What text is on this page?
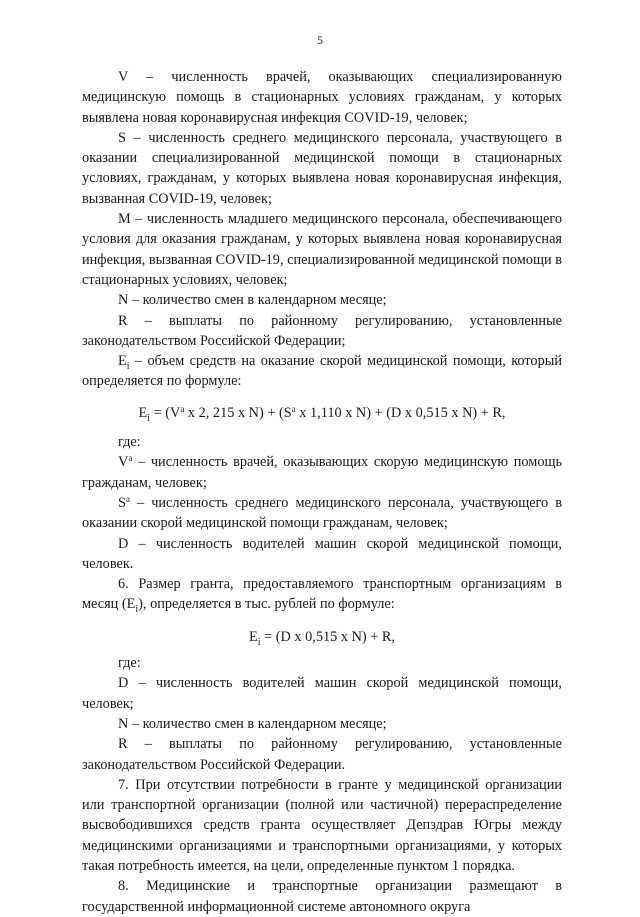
5

V – численность врачей, оказывающих специализированную медицинскую помощь в стационарных условиях гражданам, у которых выявлена новая коронавирусная инфекция COVID-19, человек;

S – численность среднего медицинского персонала, участвующего в оказании специализированной медицинской помощи в стационарных условиях, гражданам, у которых выявлена новая коронавирусная инфекция, вызванная COVID-19, человек;

M – численность младшего медицинского персонала, обеспечивающего условия для оказания гражданам, у которых выявлена новая коронавирусная инфекция, вызванная COVID-19, специализированной медицинской помощи в стационарных условиях, человек;

N – количество смен в календарном месяце;

R – выплаты по районному регулированию, установленные законодательством Российской Федерации;

$E_i$ – объем средств на оказание скорой медицинской помощи, который определяется по формуле:

$E_i = (V^a$ x 2, 215 x $N) + (S^a$ x 1,110 x N) + (D x 0,515 x N) + R,

где:

$V^a$ – численность врачей, оказывающих скорую медицинскую помощь гражданам, человек;

$S^a$ – численность среднего медицинского персонала, участвующего в оказании скорой медицинской помощи гражданам, человек;

D – численность водителей машин скорой медицинской помощи, человек.

6. Размер гранта, предоставляемого транспортным организациям в месяц $(E_i)$, определяется в тыс. рублей по формуле:

$E_i = (D$ x 0,515 x N) + R,

где:

D – численность водителей машин скорой медицинской помощи, человек;

N – количество смен в календарном месяце;

R – выплаты по районному регулированию, установленные законодательством Российской Федерации.

7. При отсутствии потребности в гранте у медицинской организации или транспортной организации (полной или частичной) перераспределение высвободившихся средств гранта осуществляет Депздрав Югры между медицинскими организациями и транспортными организациями, у которых такая потребность имеется, на цели, определенные пунктом 1 порядка.

8. Медицинские и транспортные организации размещают в государственной информационной системе автономного округа
